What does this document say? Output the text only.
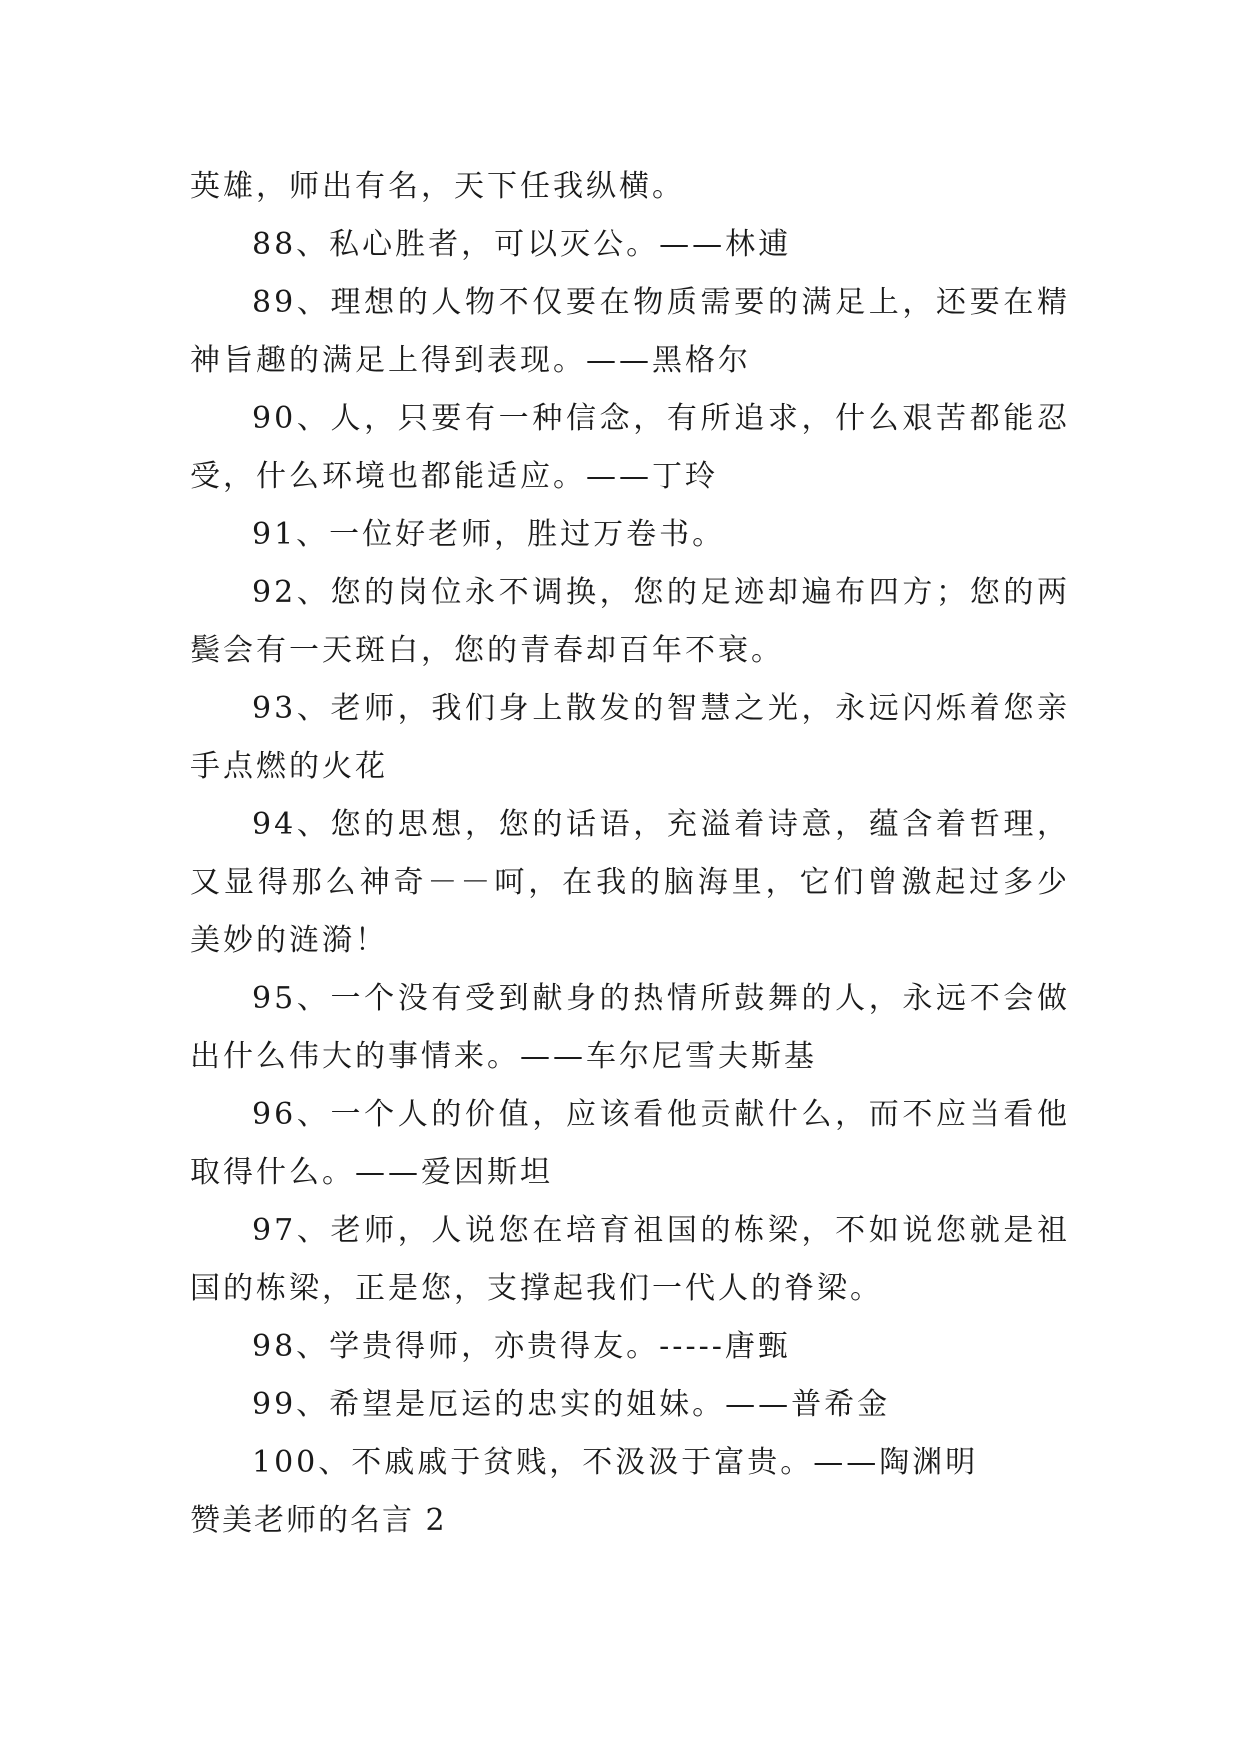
英雄，师出有名，天下任我纵横。

88、私心胜者，可以灭公。——林逋

89、理想的人物不仅要在物质需要的满足上，还要在精神旨趣的满足上得到表现。——黑格尔

90、人，只要有一种信念，有所追求，什么艰苦都能忍受，什么环境也都能适应。——丁玲

91、一位好老师，胜过万卷书。

92、您的岗位永不调换，您的足迹却遍布四方；您的两鬓会有一天斑白，您的青春却百年不衰。

93、老师，我们身上散发的智慧之光，永远闪烁着您亲手点燃的火花

94、您的思想，您的话语，充溢着诗意，蕴含着哲理，又显得那么神奇－－呵，在我的脑海里，它们曾激起过多少美妙的涟漪！

95、一个没有受到献身的热情所鼓舞的人，永远不会做出什么伟大的事情来。——车尔尼雪夫斯基

96、一个人的价值，应该看他贡献什么，而不应当看他取得什么。——爱因斯坦

97、老师，人说您在培育祖国的栋梁，不如说您就是祖国的栋梁，正是您，支撑起我们一代人的脊梁。

98、学贵得师，亦贵得友。-----唐甄

99、希望是厄运的忠实的姐妹。——普希金

100、不戚戚于贫贱，不汲汲于富贵。——陶渊明

赞美老师的名言 2
